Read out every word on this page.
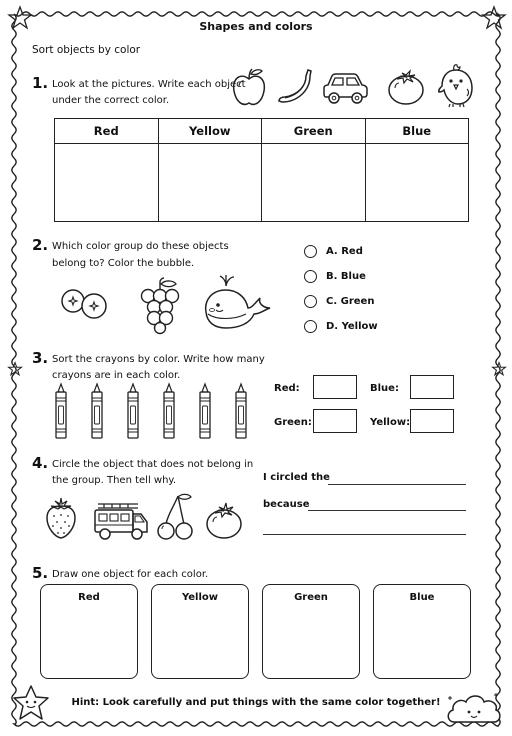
Shapes and colors
Sort objects by color
1. Look at the pictures. Write each object
under the correct color.
Red	Yellow	Green	Blue

2. Which color group do these objects
belong to? Color the bubble.
A. Red
B. Blue
C. Green
D. Yellow
3. Sort the crayons by color. Write how many
crayons are in each color.
Red:	Blue:
Green:	Yellow:
4. Circle the object that does not belong in
the group. Then tell why.	I circled the
because
5. Draw one object for each color.
Red	Yellow	Green	Blue
Hint: Look carefully and put things with the same color together!
